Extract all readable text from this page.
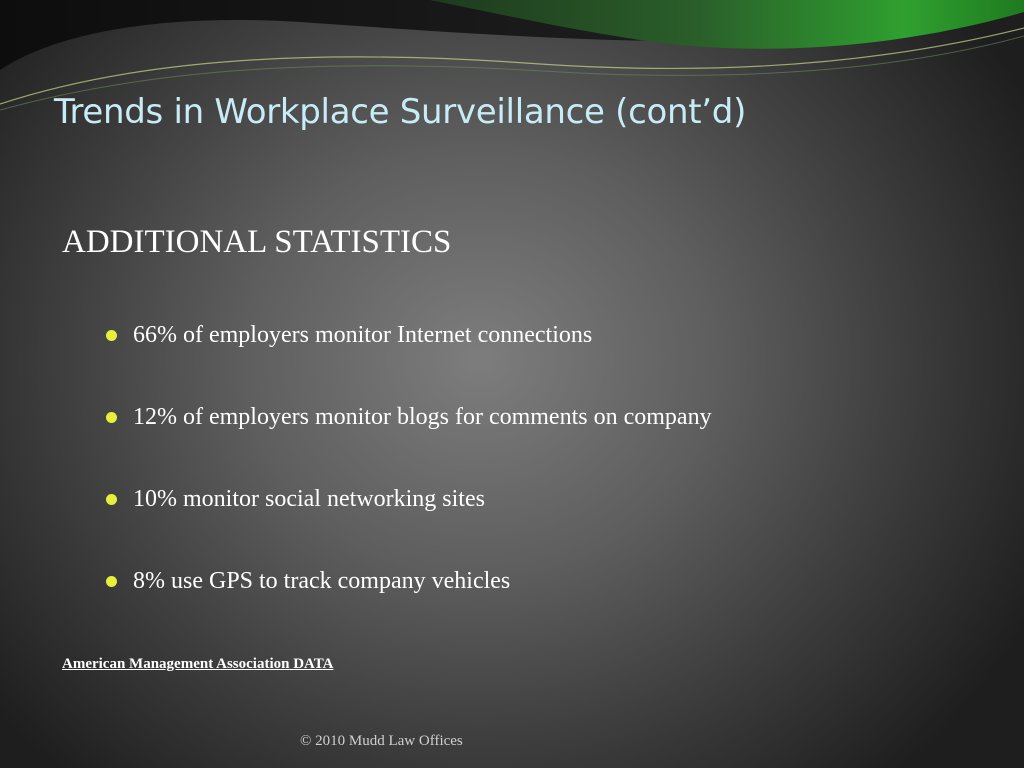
Trends in Workplace Surveillance (cont’d)
ADDITIONAL STATISTICS
66% of employers monitor Internet connections
12% of employers monitor blogs for comments on company
10% monitor social networking sites
8% use GPS to track company vehicles
American Management Association DATA
© 2010 Mudd Law Offices
